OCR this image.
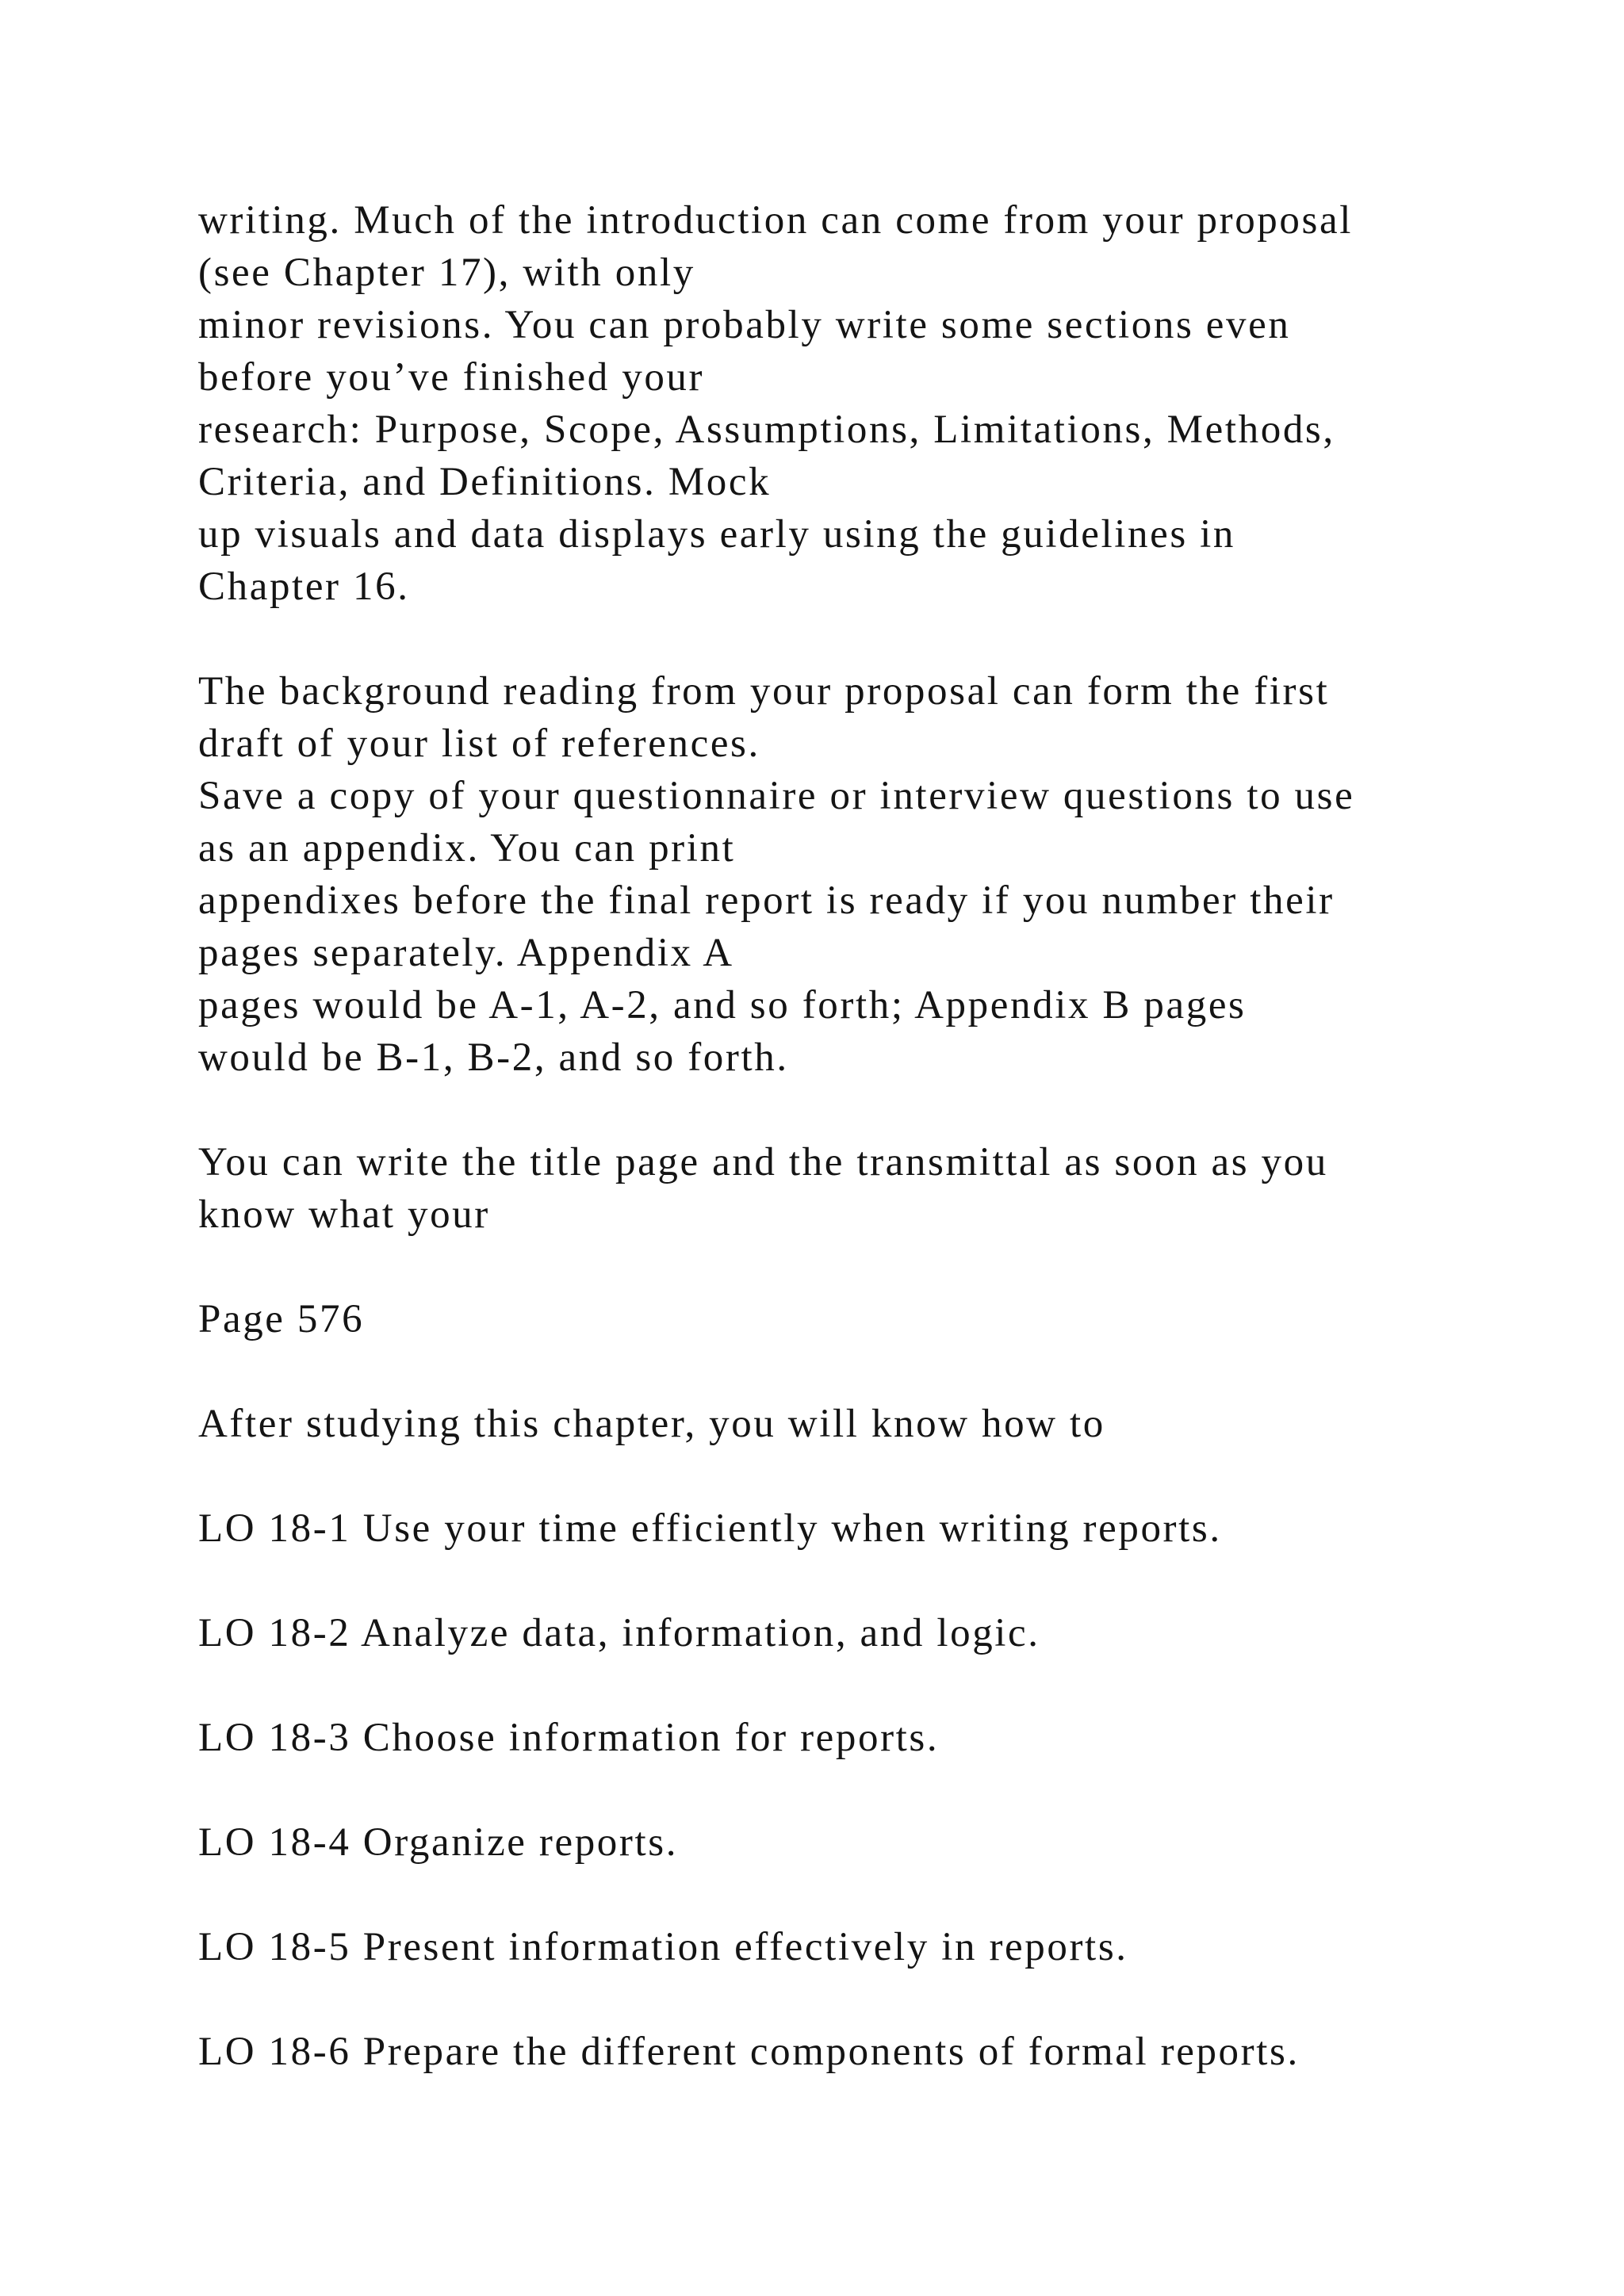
writing. Much of the introduction can come from your proposal
(see Chapter 17), with only
minor revisions. You can probably write some sections even
before you’ve finished your
research: Purpose, Scope, Assumptions, Limitations, Methods,
Criteria, and Definitions. Mock
up visuals and data displays early using the guidelines in
Chapter 16.
The background reading from your proposal can form the first
draft of your list of references.
Save a copy of your questionnaire or interview questions to use
as an appendix. You can print
appendixes before the final report is ready if you number their
pages separately. Appendix A
pages would be A-1, A-2, and so forth; Appendix B pages
would be B-1, B-2, and so forth.
You can write the title page and the transmittal as soon as you
know what your
Page 576
After studying this chapter, you will know how to
LO 18-1 Use your time efficiently when writing reports.
LO 18-2 Analyze data, information, and logic.
LO 18-3 Choose information for reports.
LO 18-4 Organize reports.
LO 18-5 Present information effectively in reports.
LO 18-6 Prepare the different components of formal reports.
